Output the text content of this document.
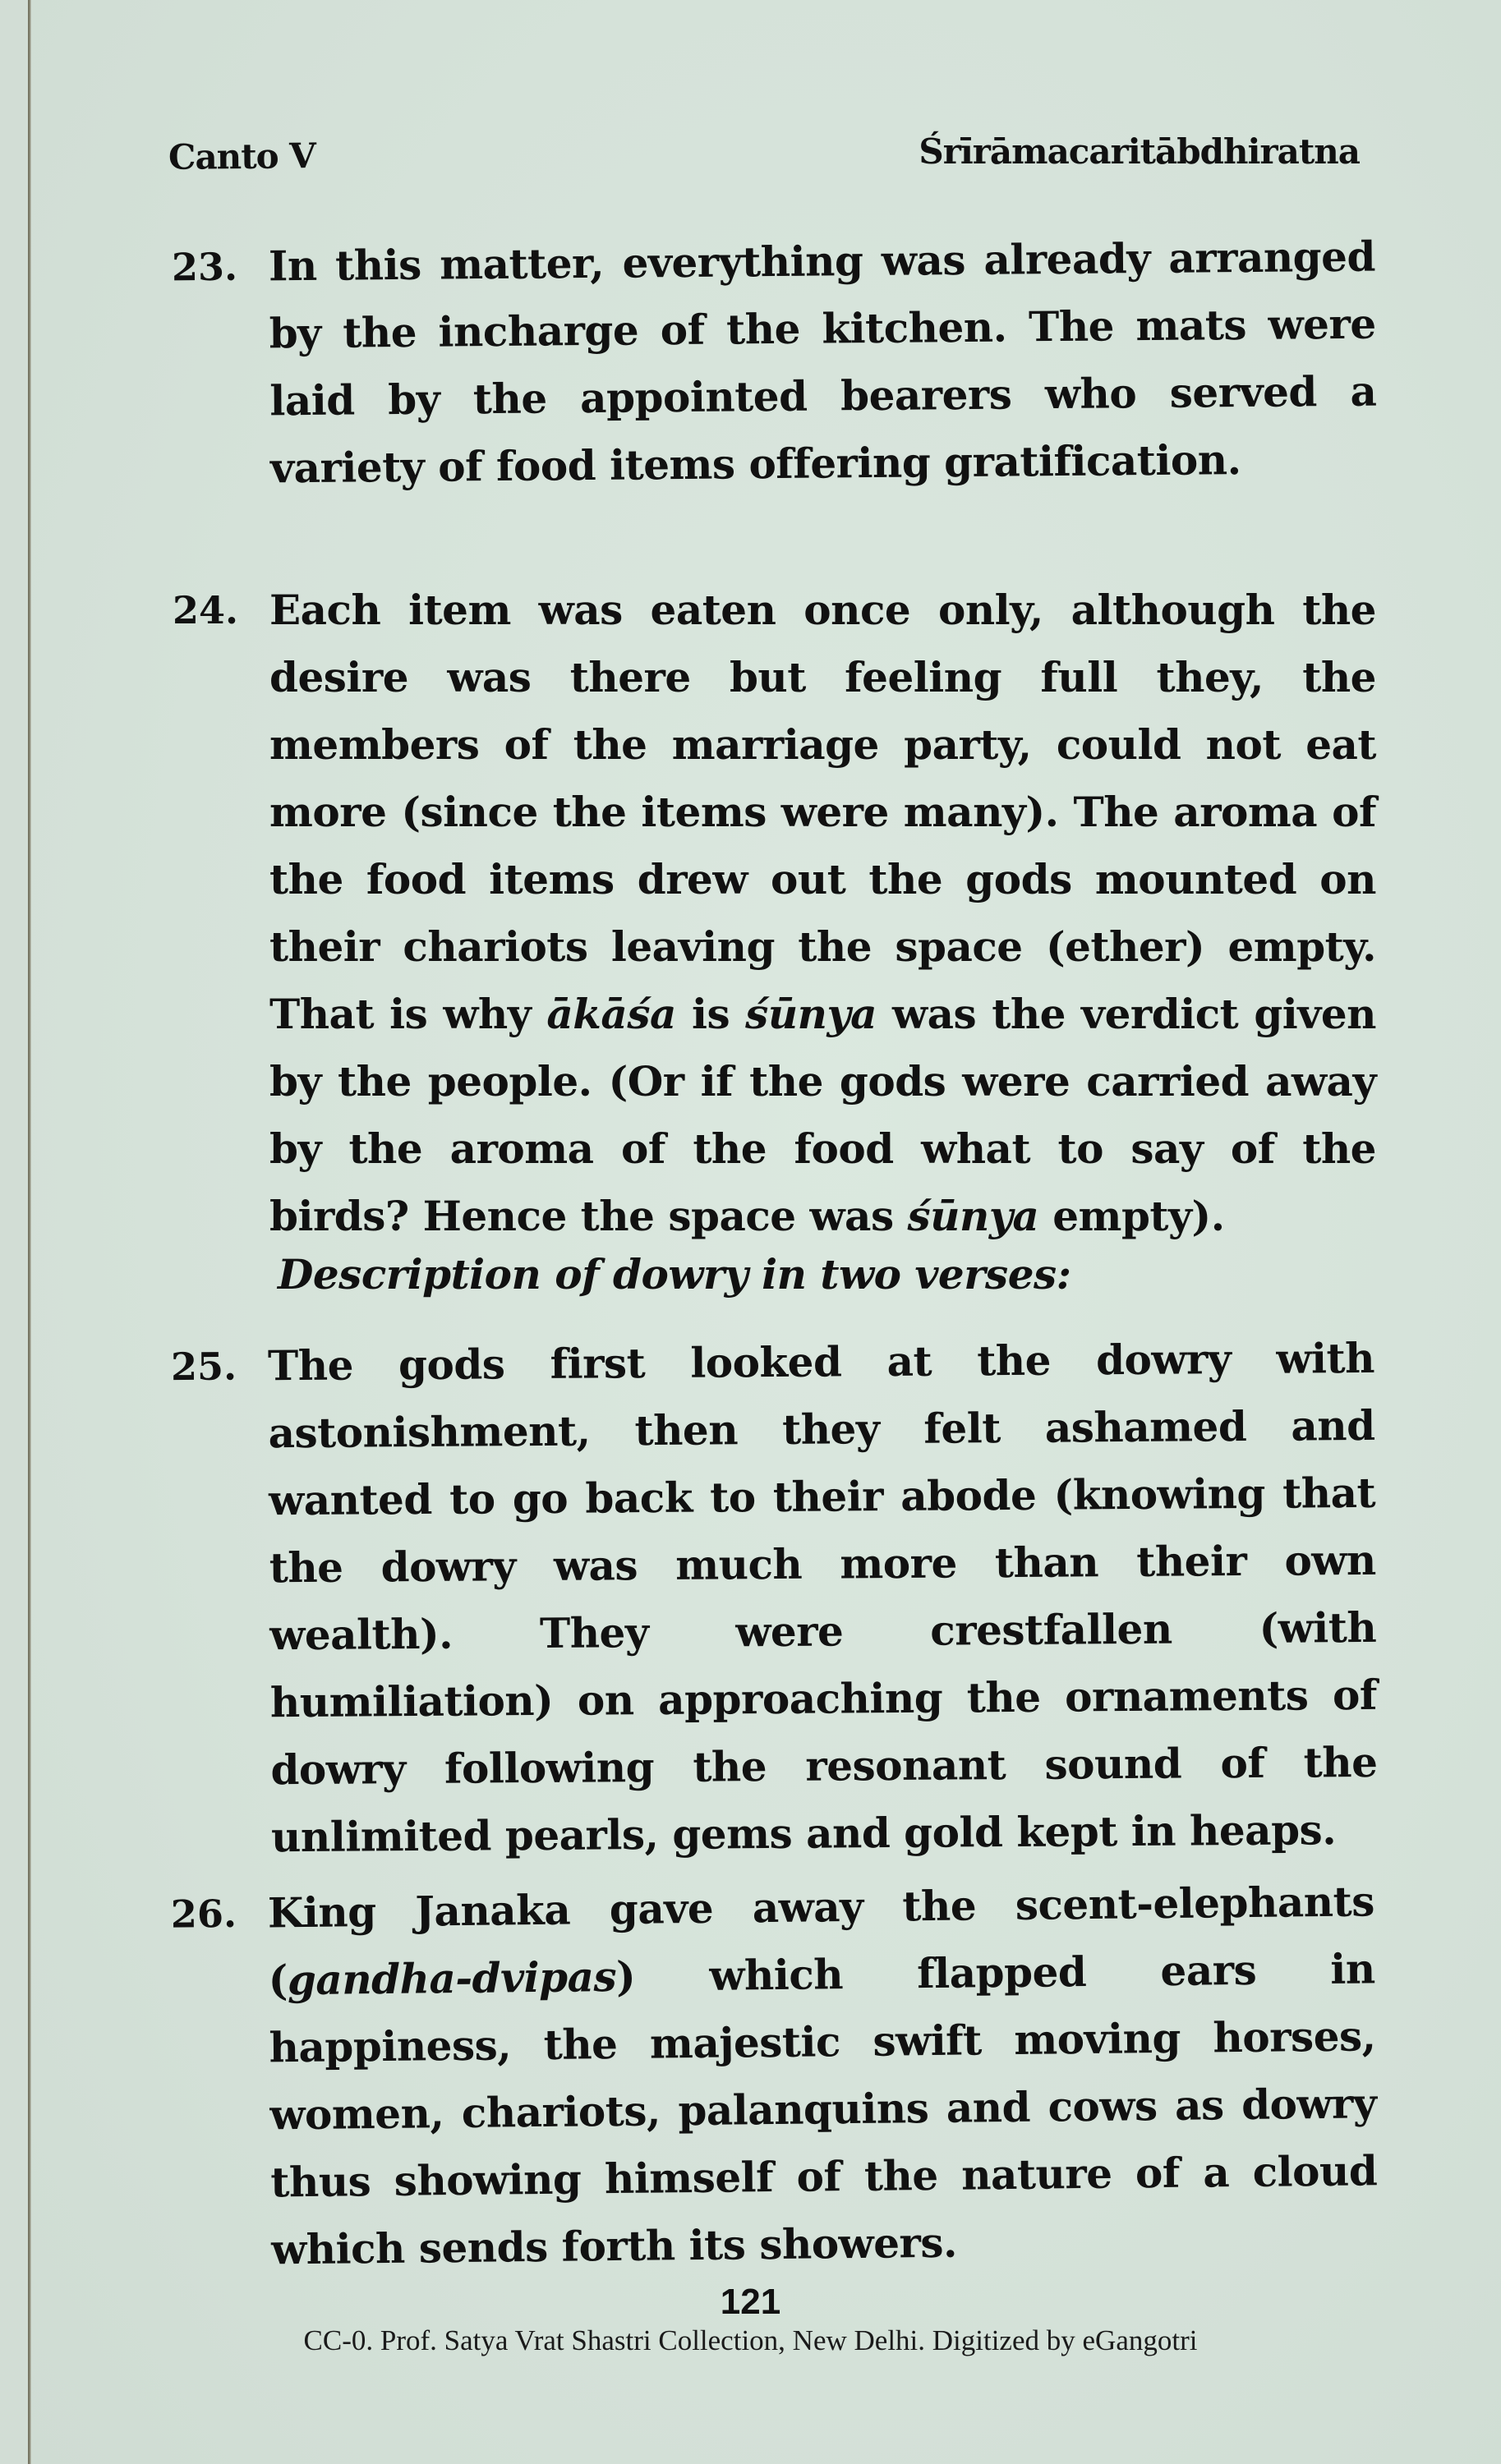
Canto V	Śrīrāmacaritābdhiratna
23. In this matter, everything was already arranged by the incharge of the kitchen. The mats were laid by the appointed bearers who served a variety of food items offering gratification.
24. Each item was eaten once only, although the desire was there but feeling full they, the members of the marriage party, could not eat more (since the items were many). The aroma of the food items drew out the gods mounted on their chariots leaving the space (ether) empty. That is why ākāśa is śūnya was the verdict given by the people. (Or if the gods were carried away by the aroma of the food what to say of the birds? Hence the space was śūnya empty).
Description of dowry in two verses:
25. The gods first looked at the dowry with astonishment, then they felt ashamed and wanted to go back to their abode (knowing that the dowry was much more than their own wealth). They were crestfallen (with humiliation) on approaching the ornaments of dowry following the resonant sound of the unlimited pearls, gems and gold kept in heaps.
26. King Janaka gave away the scent-elephants (gandha-dvipas) which flapped ears in happiness, the majestic swift moving horses, women, chariots, palanquins and cows as dowry thus showing himself of the nature of a cloud which sends forth its showers.
121
CC-0. Prof. Satya Vrat Shastri Collection, New Delhi. Digitized by eGangotri
